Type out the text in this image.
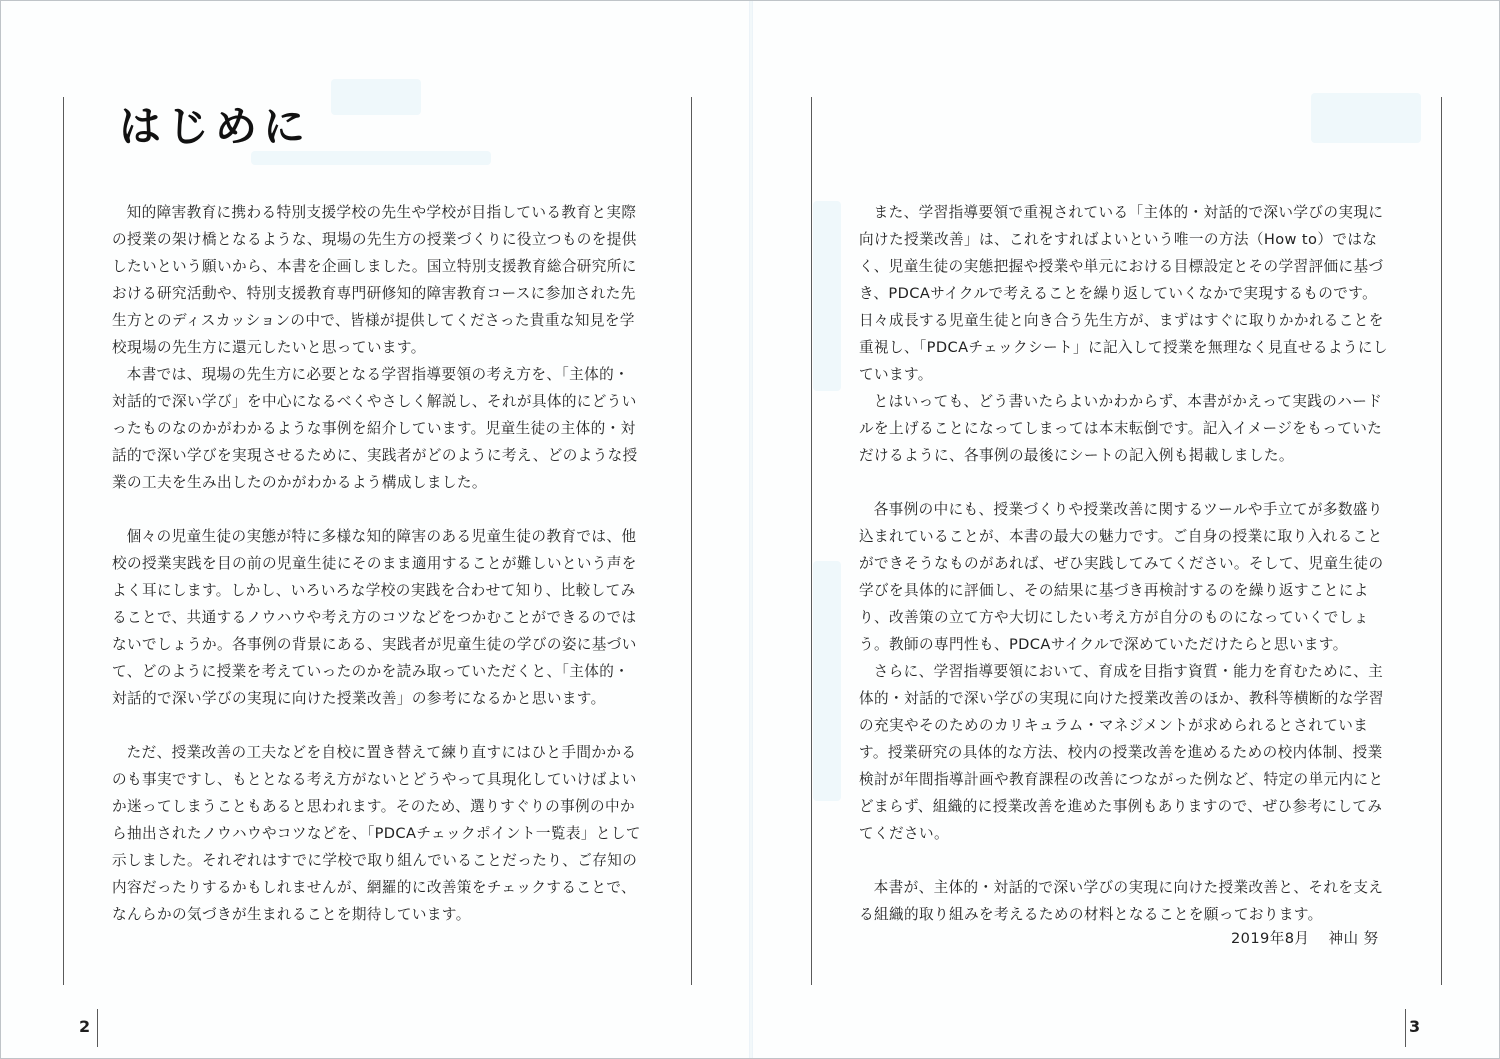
はじめに

知的障害教育に携わる特別支援学校の先生や学校が目指している教育と実際の授業の架け橋となるような、現場の先生方の授業づくりに役立つものを提供したいという願いから、本書を企画しました。国立特別支援教育総合研究所における研究活動や、特別支援教育専門研修知的障害教育コースに参加された先生方とのディスカッションの中で、皆様が提供してくださった貴重な知見を学校現場の先生方に還元したいと思っています。

本書では、現場の先生方に必要となる学習指導要領の考え方を、「主体的・対話的で深い学び」を中心になるべくやさしく解説し、それが具体的にどういったものなのかがわかるような事例を紹介しています。児童生徒の主体的・対話的で深い学びを実現させるために、実践者がどのように考え、どのような授業の工夫を生み出したのかがわかるよう構成しました。

個々の児童生徒の実態が特に多様な知的障害のある児童生徒の教育では、他校の授業実践を目の前の児童生徒にそのまま適用することが難しいという声をよく耳にします。しかし、いろいろな学校の実践を合わせて知り、比較してみることで、共通するノウハウや考え方のコツなどをつかむことができるのではないでしょうか。各事例の背景にある、実践者が児童生徒の学びの姿に基づいて、どのように授業を考えていったのかを読み取っていただくと、「主体的・対話的で深い学びの実現に向けた授業改善」の参考になるかと思います。

ただ、授業改善の工夫などを自校に置き替えて練り直すにはひと手間かかるのも事実ですし、もととなる考え方がないとどうやって具現化していけばよいか迷ってしまうこともあると思われます。そのため、選りすぐりの事例の中から抽出されたノウハウやコツなどを、「PDCAチェックポイント一覧表」として示しました。それぞれはすでに学校で取り組んでいることだったり、ご存知の内容だったりするかもしれませんが、網羅的に改善策をチェックすることで、なんらかの気づきが生まれることを期待しています。

2

また、学習指導要領で重視されている「主体的・対話的で深い学びの実現に向けた授業改善」は、これをすればよいという唯一の方法（How to）ではなく、児童生徒の実態把握や授業や単元における目標設定とその学習評価に基づき、PDCAサイクルで考えることを繰り返していくなかで実現するものです。日々成長する児童生徒と向き合う先生方が、まずはすぐに取りかかれることを重視し、「PDCAチェックシート」に記入して授業を無理なく見直せるようにしています。

とはいっても、どう書いたらよいかわからず、本書がかえって実践のハードルを上げることになってしまっては本末転倒です。記入イメージをもっていただけるように、各事例の最後にシートの記入例も掲載しました。

各事例の中にも、授業づくりや授業改善に関するツールや手立てが多数盛り込まれていることが、本書の最大の魅力です。ご自身の授業に取り入れることができそうなものがあれば、ぜひ実践してみてください。そして、児童生徒の学びを具体的に評価し、その結果に基づき再検討するのを繰り返すことにより、改善策の立て方や大切にしたい考え方が自分のものになっていくでしょう。教師の専門性も、PDCAサイクルで深めていただけたらと思います。

さらに、学習指導要領において、育成を目指す資質・能力を育むために、主体的・対話的で深い学びの実現に向けた授業改善のほか、教科等横断的な学習の充実やそのためのカリキュラム・マネジメントが求められるとされています。授業研究の具体的な方法、校内の授業改善を進めるための校内体制、授業検討が年間指導計画や教育課程の改善につながった例など、特定の単元内にとどまらず、組織的に授業改善を進めた事例もありますので、ぜひ参考にしてみてください。

本書が、主体的・対話的で深い学びの実現に向けた授業改善と、それを支える組織的取り組みを考えるための材料となることを願っております。

2019年8月 神山 努
3
